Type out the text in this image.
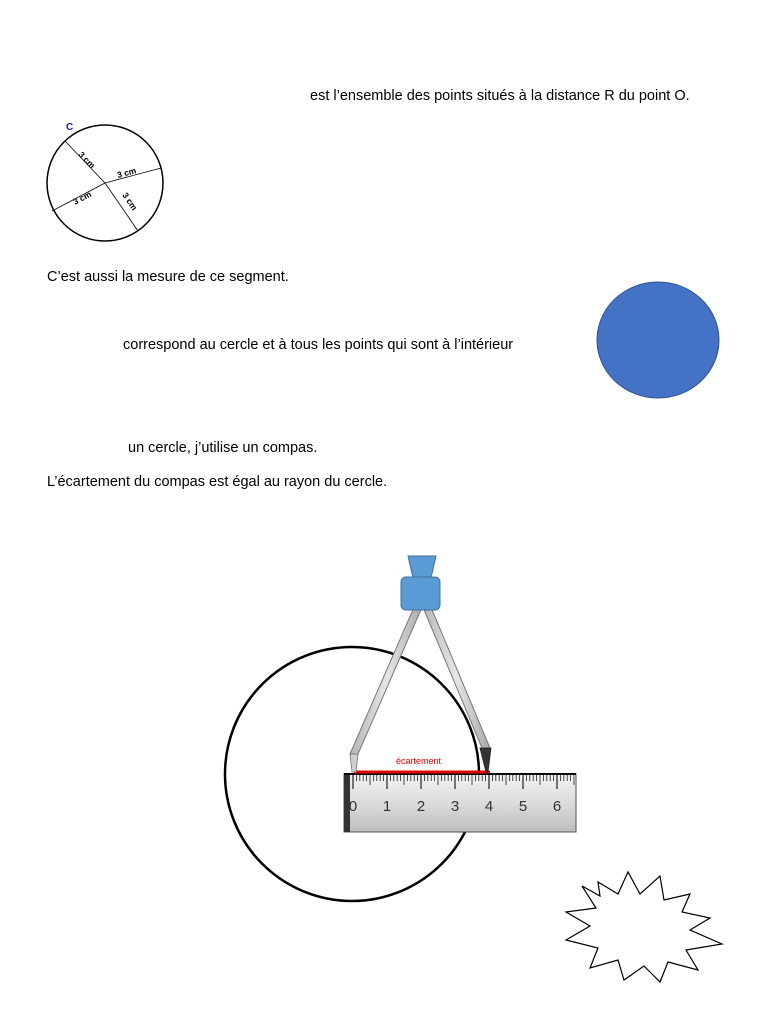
est l’ensemble des points situés à la distance R du point O.
C’est aussi la mesure de ce segment.
correspond au cercle et à tous les points qui sont à l’intérieur
un cercle, j’utilise un compas.
L’écartement du compas est égal au rayon du cercle.
C
3 cm
3 cm
3 cm	3 cm
0 1 2 3 4 5 6
écartement
